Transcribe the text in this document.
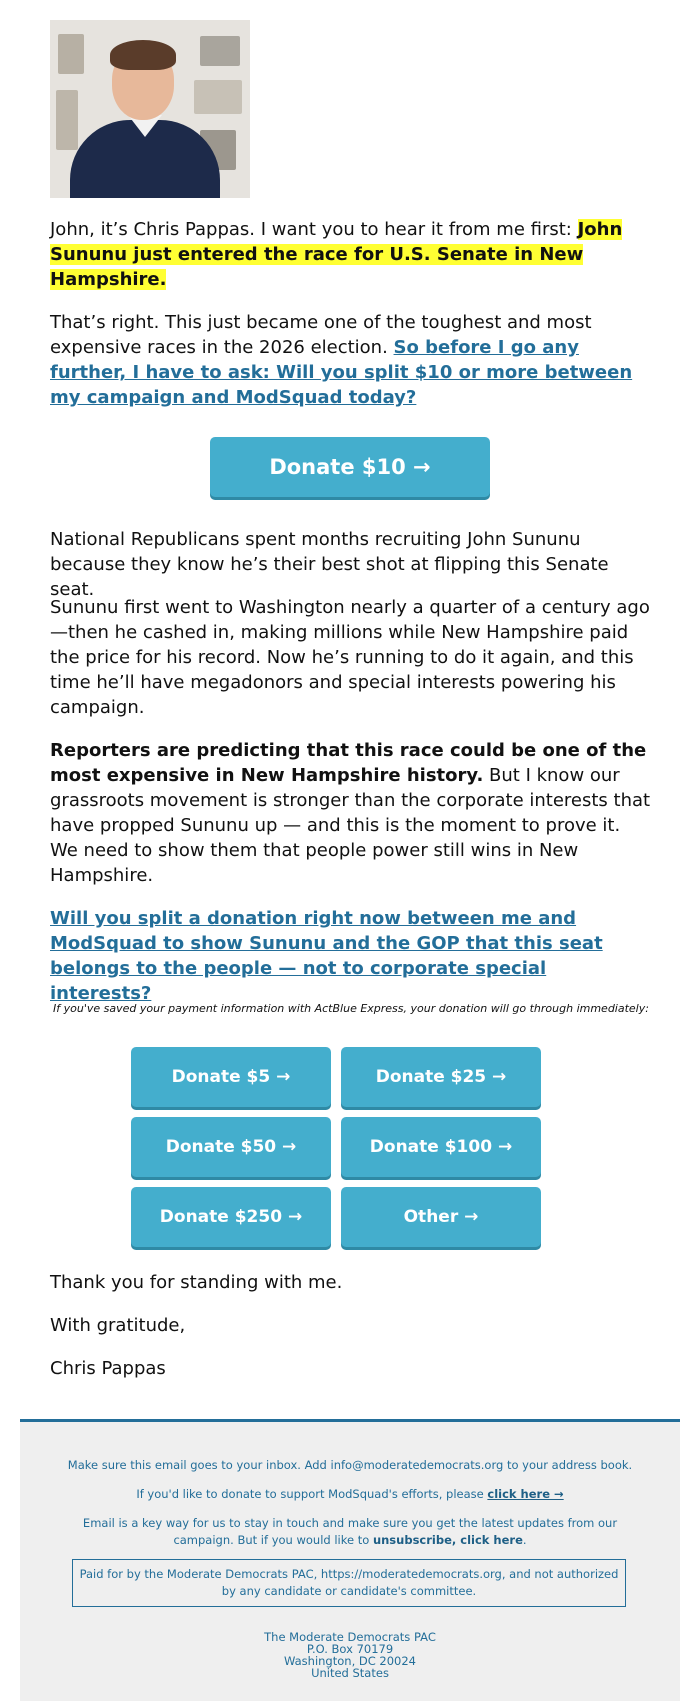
John, it’s Chris Pappas. I want you to hear it from me first: John Sununu just entered the race for U.S. Senate in New Hampshire.

That’s right. This just became one of the toughest and most expensive races in the 2026 election. So before I go any further, I have to ask: Will you split $10 or more between my campaign and ModSquad today?

Donate $10 →

National Republicans spent months recruiting John Sununu because they know he’s their best shot at flipping this Senate seat.

Sununu first went to Washington nearly a quarter of a century ago—then he cashed in, making millions while New Hampshire paid the price for his record. Now he’s running to do it again, and this time he’ll have megadonors and special interests powering his campaign.

Reporters are predicting that this race could be one of the most expensive in New Hampshire history. But I know our grassroots movement is stronger than the corporate interests that have propped Sununu up — and this is the moment to prove it. We need to show them that people power still wins in New Hampshire.

Will you split a donation right now between me and ModSquad to show Sununu and the GOP that this seat belongs to the people — not to corporate special interests?

If you've saved your payment information with ActBlue Express, your donation will go through immediately:
Donate $5 →	Donate $25 →
Donate $50 →	Donate $100 →
Donate $250 →	Other →

Thank you for standing with me.

With gratitude,

Chris Pappas

Make sure this email goes to your inbox. Add info@moderatedemocrats.org to your address book.
If you'd like to donate to support ModSquad's efforts, please click here →
Email is a key way for us to stay in touch and make sure you get the latest updates from our campaign. But if you would like to unsubscribe, click here.
Paid for by the Moderate Democrats PAC, https://moderatedemocrats.org, and not authorized by any candidate or candidate's committee.
The Moderate Democrats PAC
P.O. Box 70179
Washington, DC 20024
United States
